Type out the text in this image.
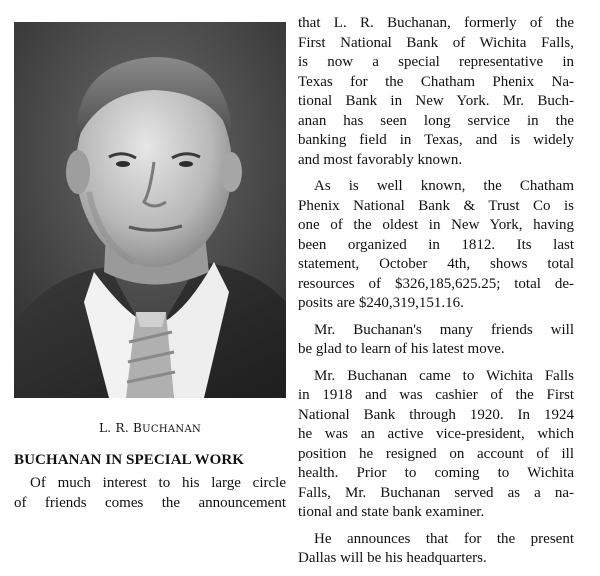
L. R. BUCHANAN
BUCHANAN IN SPECIAL WORK
Of much interest to his large circle
of friends comes the announcement
that L. R. Buchanan, formerly of the
First National Bank of Wichita Falls,
is now a special representative in
Texas for the Chatham Phenix Na-
tional Bank in New York. Mr. Buch-
anan has seen long service in the
banking field in Texas, and is widely
and most favorably known.
As is well known, the Chatham
Phenix National Bank & Trust Co is
one of the oldest in New York, having
been organized in 1812. Its last
statement, October 4th, shows total
resources of $326,185,625.25; total de-
posits are $240,319,151.16.
Mr. Buchanan's many friends will
be glad to learn of his latest move.
Mr. Buchanan came to Wichita Falls
in 1918 and was cashier of the First
National Bank through 1920. In 1924
he was an active vice-president, which
position he resigned on account of ill
health. Prior to coming to Wichita
Falls, Mr. Buchanan served as a na-
tional and state bank examiner.
He announces that for the present
Dallas will be his headquarters.
